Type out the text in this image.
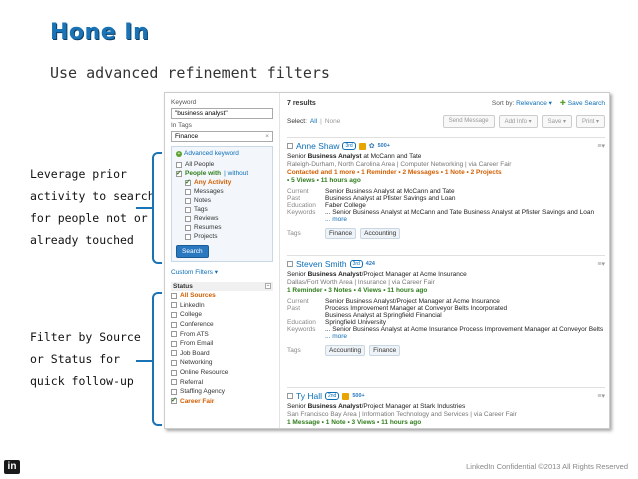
Hone In
Use advanced refinement filters
Leverage prior activity to search for people not or already touched
Filter by Source or Status for quick follow-up
Keyword
"business analyst"
In Tags
Finance	×
+ Advanced keyword
All People
✓
People with | without
✓
Any Activity
Messages
Notes
Tags
Reviews
Resumes
Projects
Search
Custom Filters ▾
Status	–
All Sources
LinkedIn
College
Conference
From ATS
From Email
Job Board
Networking
Online Resource
Referral
Staffing Agency
✓
Career Fair
7 results	Sort by: Relevance ▾ ✚ Save Search
Select: All | None	Send Message	Add Info ▾	Save ▾	Print ▾
Anne Shaw	3rd	✿ 500+	≡▾
Senior Business Analyst at McCann and Tate
Raleigh-Durham, North Carolina Area | Computer Networking | via Career Fair
Contacted and 1 more • 1 Reminder • 2 Messages • 1 Note • 2 Projects
• 5 Views • 11 hours ago
Current	Senior Business Analyst at McCann and Tate
Past	Business Analyst at Pfister Savings and Loan
Education	Faber College
Keywords	... Senior Business Analyst at McCann and Tate Business Analyst at Pfister Savings and Loan
... more
Tags	Finance	Accounting
Steven Smith	3rd	424	≡▾
Senior Business Analyst/Project Manager at Acme Insurance
Dallas/Fort Worth Area | Insurance | via Career Fair
1 Reminder • 3 Notes • 4 Views • 11 hours ago
Current	Senior Business Analyst/Project Manager at Acme Insurance
Past	Process Improvement Manager at Conveyor Belts Incorporated
Business Analyst at Springfield Financial
Education	Springfield University
Keywords	... Senior Business Analyst at Acme Insurance Process Improvement Manager at Conveyor Belts
... more
Tags	Accounting	Finance
Ty Hall	2nd	500+	≡▾
Senior Business Analyst/Project Manager at Stark Industries
San Francisco Bay Area | Information Technology and Services | via Career Fair
1 Message • 1 Note • 3 Views • 11 hours ago
in	LinkedIn Confidential ©2013 All Rights Reserved
